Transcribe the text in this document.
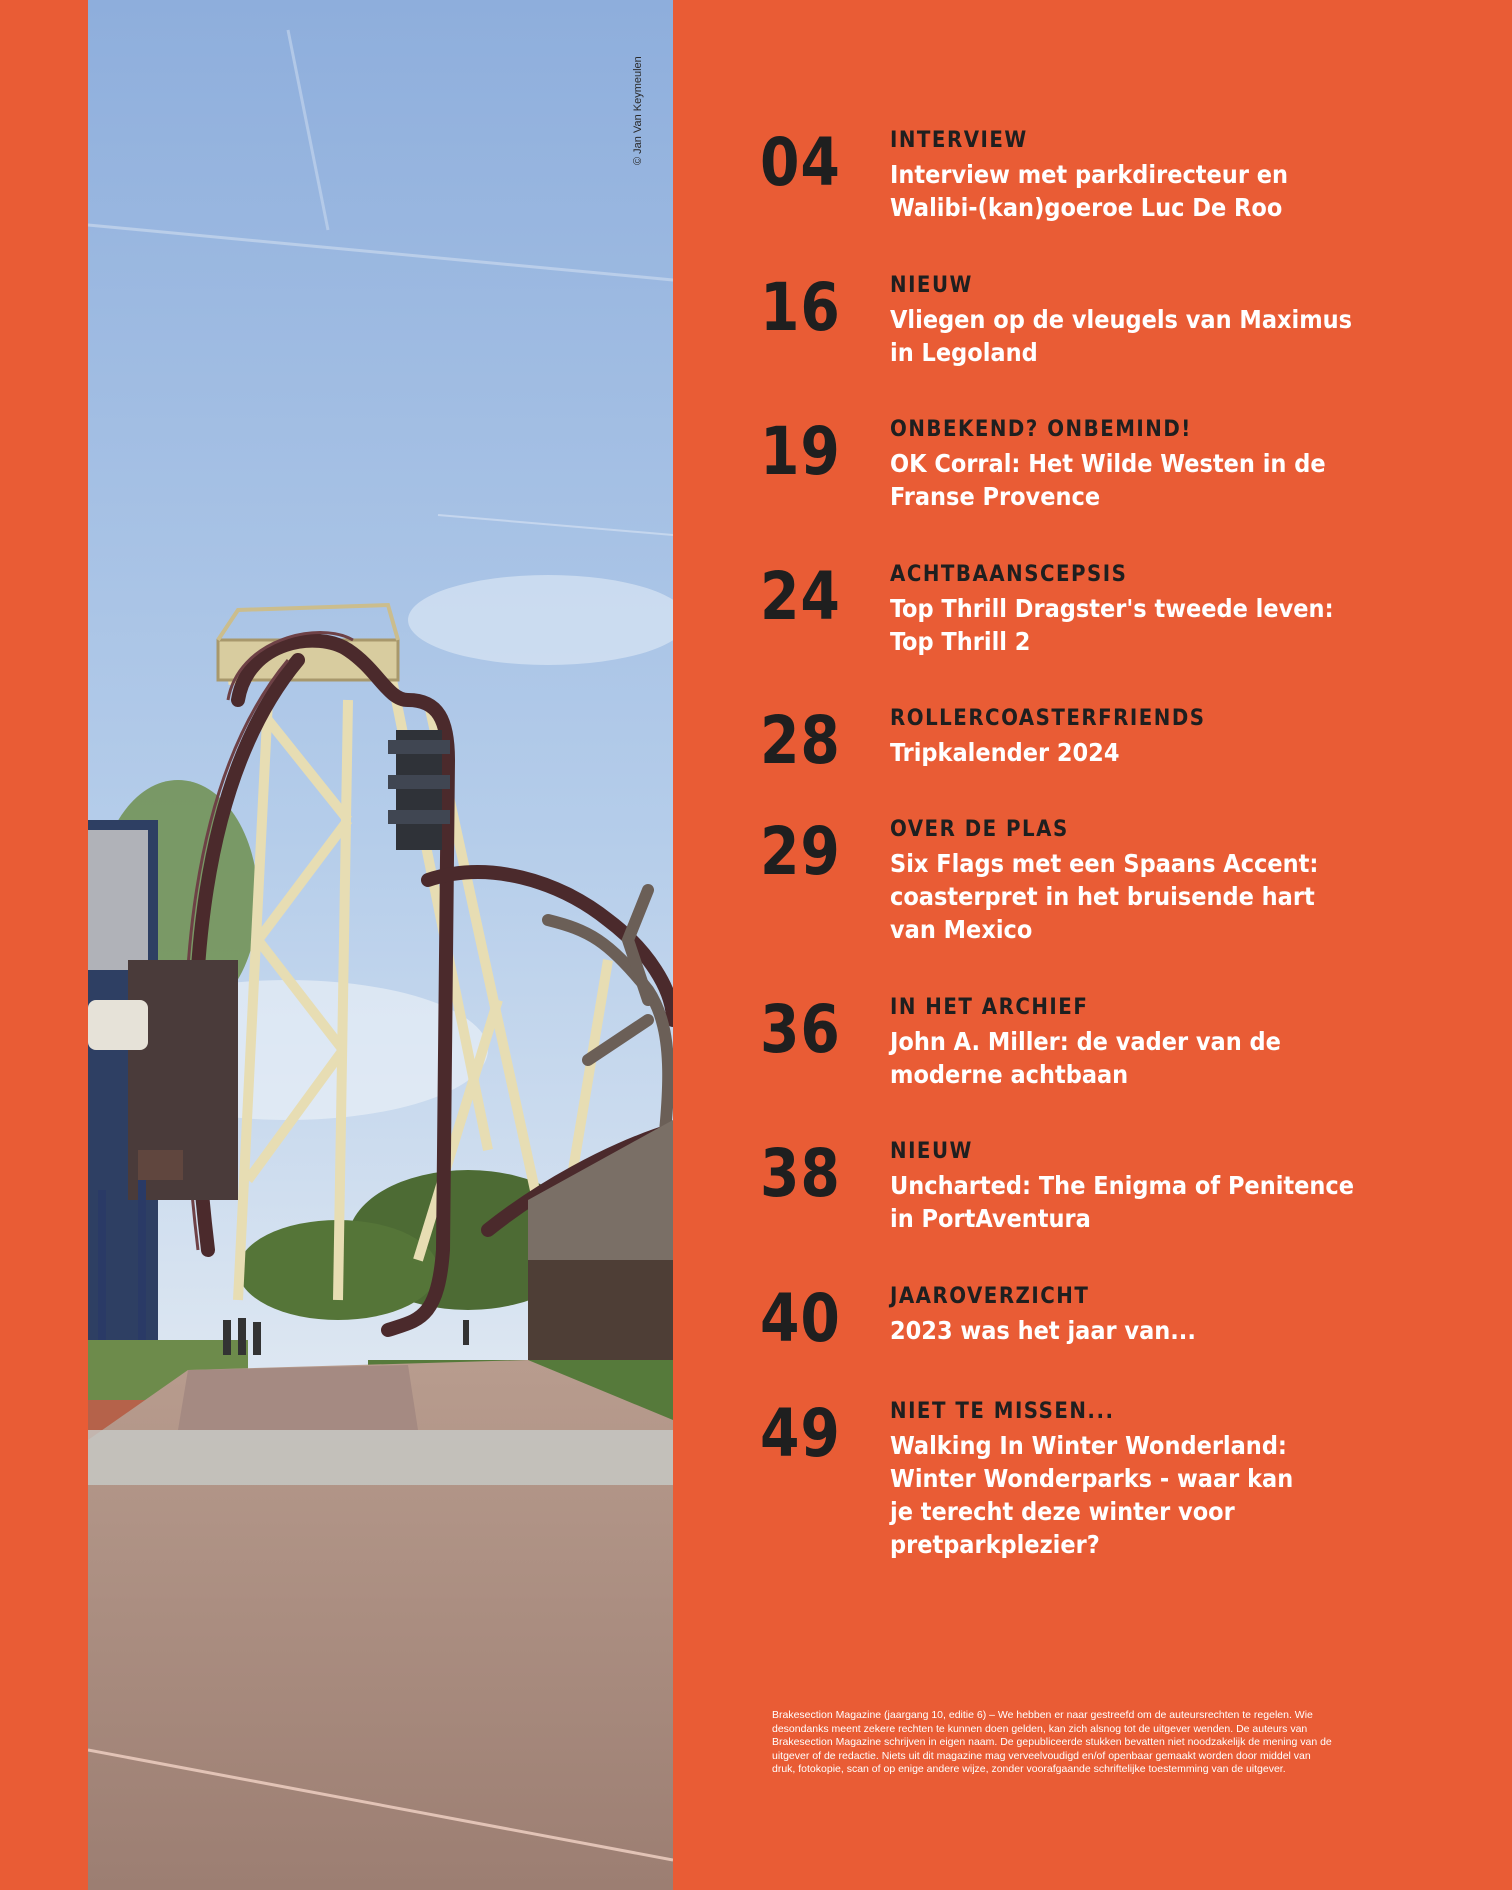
© Jan Van Keymeulen 04	INTERVIEW
Interview met parkdirecteur en
Walibi-(kan)goeroe Luc De Roo
16	NIEUW
Vliegen op de vleugels van Maximus
in Legoland
19	ONBEKEND? ONBEMIND!
OK Corral: Het Wilde Westen in de
Franse Provence
24	ACHTBAANSCEPSIS
Top Thrill Dragster's tweede leven:
Top Thrill 2
28	ROLLERCOASTERFRIENDS
Tripkalender 2024
29	OVER DE PLAS
Six Flags met een Spaans Accent:
coasterpret in het bruisende hart
van Mexico
36	IN HET ARCHIEF
John A. Miller: de vader van de
moderne achtbaan
38	NIEUW
Uncharted: The Enigma of Penitence
in PortAventura
40	JAAROVERZICHT
2023 was het jaar van...
49	NIET TE MISSEN...
Walking In Winter Wonderland:
Winter Wonderparks - waar kan
je terecht deze winter voor
pretparkplezier?
Brakesection Magazine (jaargang 10, editie 6) – We hebben er naar gestreefd om de auteursrechten te regelen. Wie desondanks meent zekere rechten te kunnen doen gelden, kan zich alsnog tot de uitgever wenden. De auteurs van Brakesection Magazine schrijven in eigen naam. De gepubliceerde stukken bevatten niet noodzakelijk de mening van de uitgever of de redactie. Niets uit dit magazine mag verveelvoudigd en/of openbaar gemaakt worden door middel van druk, fotokopie, scan of op enige andere wijze, zonder voorafgaande schriftelijke toestemming van de uitgever.
